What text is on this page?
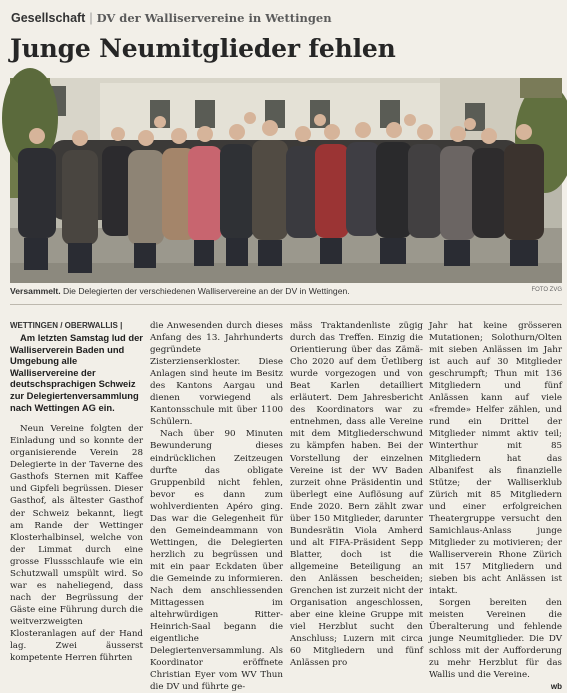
Gesellschaft | DV der Walliservereine in Wettingen
Junge Neumitglieder fehlen
Versammelt. Die Delegierten der verschiedenen Walliservereine an der DV in Wettingen.	FOTO ZVG

WETTINGEN / OBERWALLIS |

Am letzten Samstag lud der Walliserverein Baden und Umgebung alle Walliservereine der deutschsprachigen Schweiz zur Delegiertenversammlung nach Wettingen AG ein.

Neun Vereine folgten der Einladung und so konnte der organisierende Verein 28 Delegierte in der Taverne des Gasthofs Sternen mit Kaffee und Gipfeli begrüssen. Dieser Gasthof, als ältester Gasthof der Schweiz bekannt, liegt am Rande der Wettinger Klosterhalbinsel, welche von der Limmat durch eine grosse Flussschlaufe wie ein Schutzwall umspült wird. So war es naheliegend, dass nach der Begrüssung der Gäste eine Führung durch die weitverzweigten Klosteranlagen auf der Hand lag. Zwei äusserst kompetente Herren führten

die Anwesenden durch dieses Anfang des 13. Jahrhunderts gegründete Zisterzienserkloster. Diese Anlagen sind heute im Besitz des Kantons Aargau und dienen vorwiegend als Kantonsschule mit über 1100 Schülern.

Nach über 90 Minuten Bewunderung dieses eindrücklichen Zeitzeugen durfte das obligate Gruppenbild nicht fehlen, bevor es dann zum wohlverdienten Apéro ging. Das war die Gelegenheit für den Gemeindeammann von Wettingen, die Delegierten herzlich zu begrüssen und mit ein paar Eckdaten über die Gemeinde zu informieren. Nach dem anschliessenden Mittagessen im altehrwürdigen Ritter-Heinrich-Saal begann die eigentliche Delegiertenversammlung. Als Koordinator eröffnete Christian Eyer vom WV Thun die DV und führte ge-

mäss Traktandenliste zügig durch das Treffen. Einzig die Orientierung über das Zämä-Cho 2020 auf dem Üetliberg wurde vorgezogen und von Beat Karlen detailliert erläutert. Dem Jahresbericht des Koordinators war zu entnehmen, dass alle Vereine mit dem Mitgliederschwund zu kämpfen haben. Bei der Vorstellung der einzelnen Vereine ist der WV Baden zurzeit ohne Präsidentin und überlegt eine Auflösung auf Ende 2020. Bern zählt zwar über 150 Mitglieder, darunter Bundesrätin Viola Amherd und alt FIFA-Präsident Sepp Blatter, doch ist die allgemeine Beteiligung an den Anlässen bescheiden; Grenchen ist zurzeit nicht der Organisation angeschlossen, aber eine kleine Gruppe mit viel Herzblut sucht den Anschluss; Luzern mit circa 60 Mitgliedern und fünf Anlässen pro

Jahr hat keine grösseren Mutationen; Solothurn/Olten mit sieben Anlässen im Jahr ist auch auf 30 Mitglieder geschrumpft; Thun mit 136 Mitgliedern und fünf Anlässen kann auf viele «fremde» Helfer zählen, und rund ein Drittel der Mitglieder nimmt aktiv teil; Winterthur mit 85 Mitgliedern hat das Albanifest als finanzielle Stütze; der Walliserklub Zürich mit 85 Mitgliedern und einer erfolgreichen Theatergruppe versucht den Samichlaus-Anlass junge Mitglieder zu motivieren; der Walliserverein Rhone Zürich mit 157 Mitgliedern und sieben bis acht Anlässen ist intakt.

Sorgen bereiten den meisten Vereinen die Überalterung und fehlende junge Neumitglieder. Die DV schloss mit der Aufforderung zu mehr Herzblut für das Wallis und die Vereine.

wb
